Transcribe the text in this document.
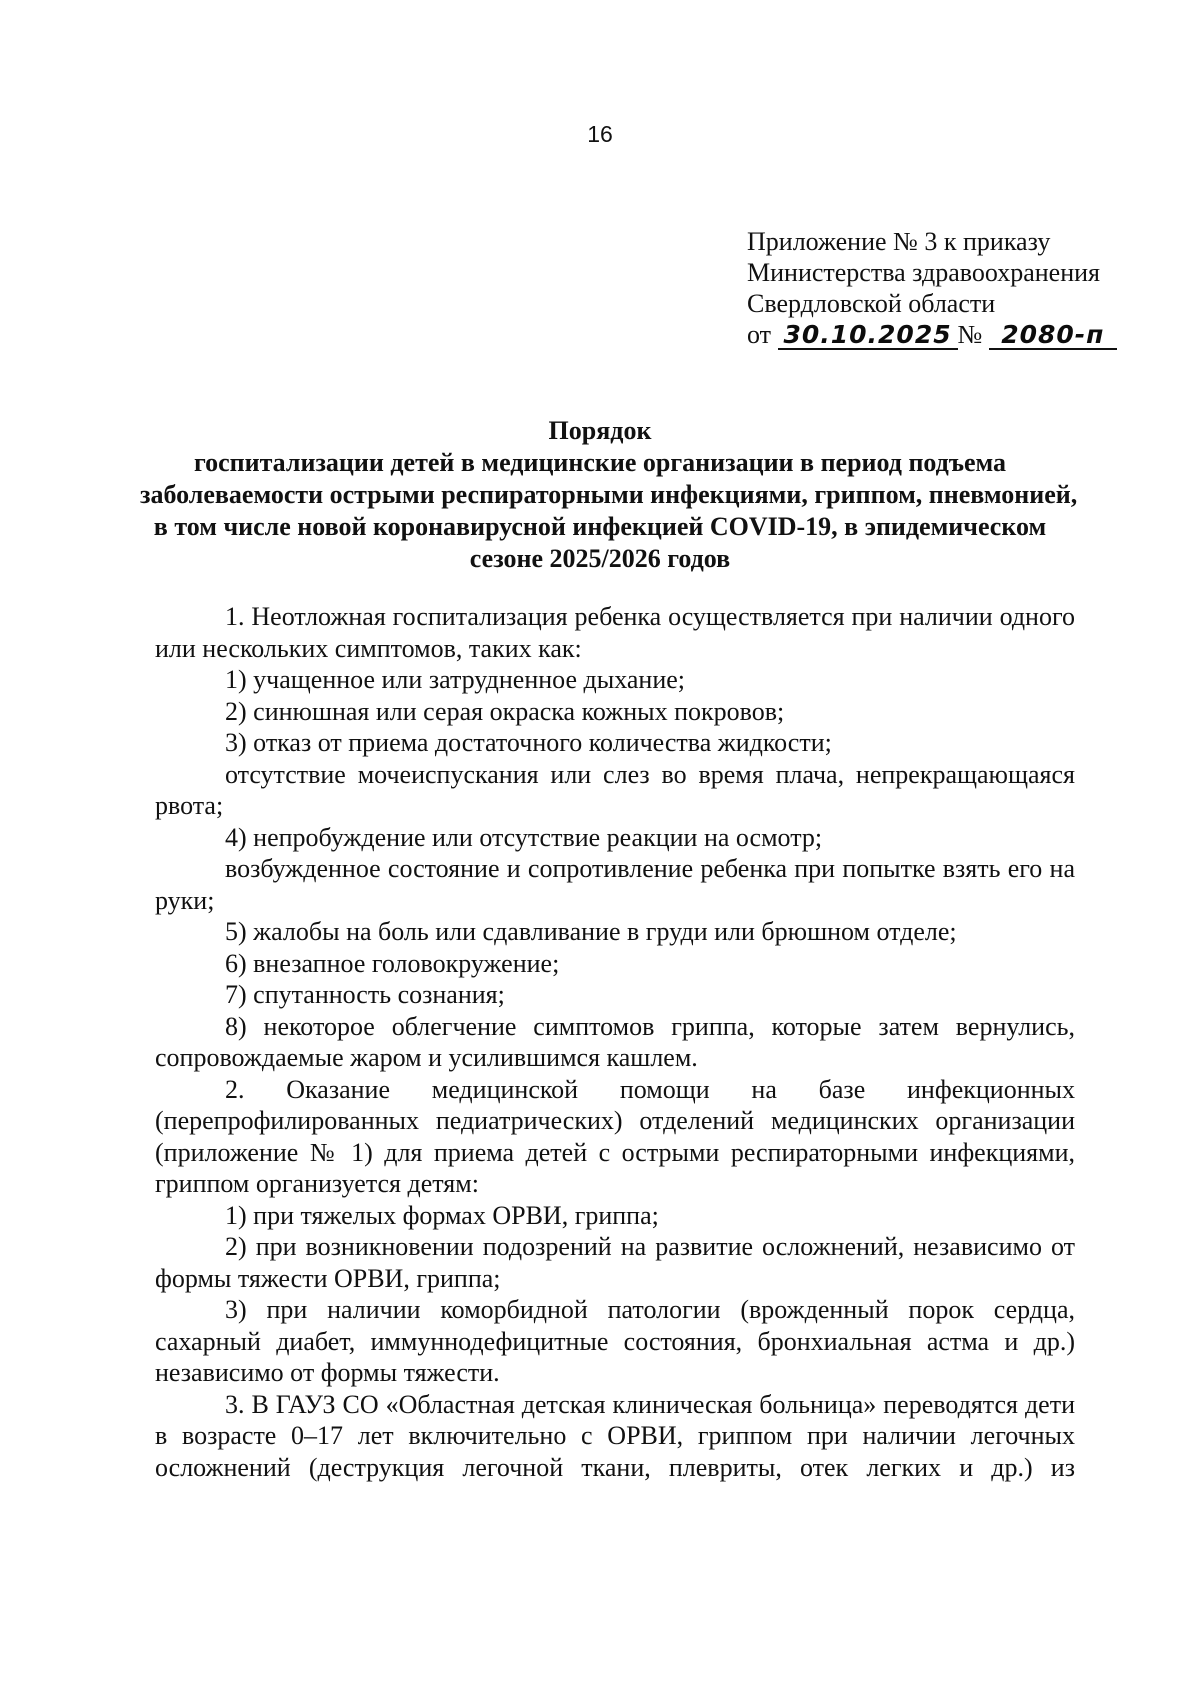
16
Приложение № 3 к приказу
Министерства здравоохранения
Свердловской области
от 30.10.2025 № 2080-п
Порядок
госпитализации детей в медицинские организации в период подъема
заболеваемости острыми респираторными инфекциями, гриппом, пневмонией,
в том числе новой коронавирусной инфекцией COVID-19, в эпидемическом
сезоне 2025/2026 годов

1. Неотложная госпитализация ребенка осуществляется при наличии одного или нескольких симптомов, таких как:

1) учащенное или затрудненное дыхание;

2) синюшная или серая окраска кожных покровов;

3) отказ от приема достаточного количества жидкости;

отсутствие мочеиспускания или слез во время плача, непрекращающаяся рвота;

4) непробуждение или отсутствие реакции на осмотр;

возбужденное состояние и сопротивление ребенка при попытке взять его на руки;

5) жалобы на боль или сдавливание в груди или брюшном отделе;

6) внезапное головокружение;

7) спутанность сознания;

8) некоторое облегчение симптомов гриппа, которые затем вернулись, сопровождаемые жаром и усилившимся кашлем.

2. Оказание медицинской помощи на базе инфекционных (перепрофилированных педиатрических) отделений медицинских организации (приложение № 1) для приема детей с острыми респираторными инфекциями, гриппом организуется детям:

1) при тяжелых формах ОРВИ, гриппа;

2) при возникновении подозрений на развитие осложнений, независимо от формы тяжести ОРВИ, гриппа;

3) при наличии коморбидной патологии (врожденный порок сердца, сахарный диабет, иммуннодефицитные состояния, бронхиальная астма и др.) независимо от формы тяжести.

3. В ГАУЗ СО «Областная детская клиническая больница» переводятся дети в возрасте 0–17 лет включительно с ОРВИ, гриппом при наличии легочных осложнений (деструкция легочной ткани, плевриты, отек легких и др.) из
